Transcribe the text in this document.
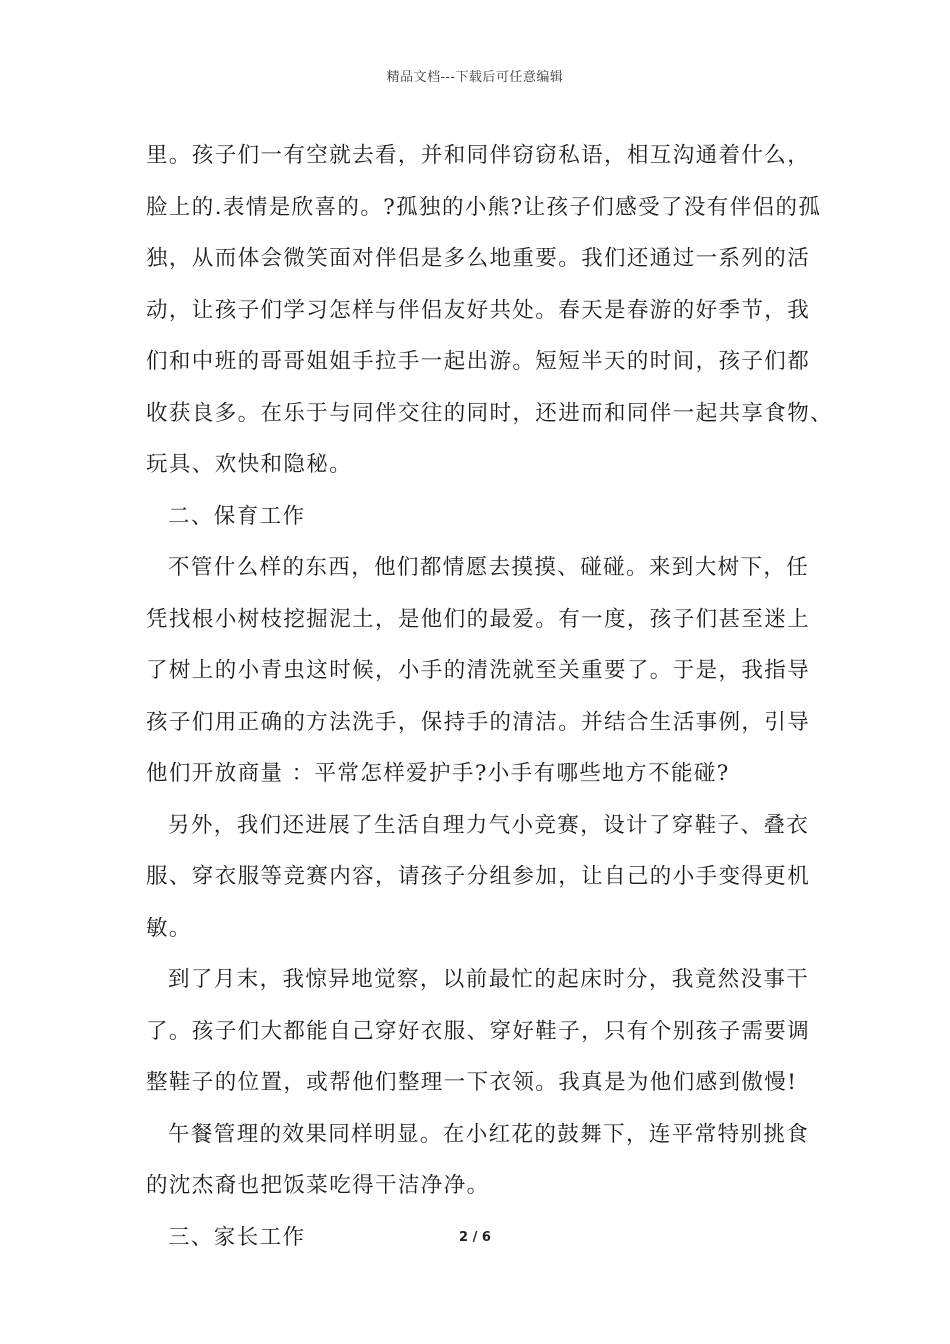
精品文档---下载后可任意编辑
里。孩子们一有空就去看，并和同伴窃窃私语，相互沟通着什么，
脸上的.表情是欣喜的。?孤独的小熊?让孩子们感受了没有伴侣的孤
独，从而体会微笑面对伴侣是多么地重要。我们还通过一系列的活
动，让孩子们学习怎样与伴侣友好共处。春天是春游的好季节，我
们和中班的哥哥姐姐手拉手一起出游。短短半天的时间，孩子们都
收获良多。在乐于与同伴交往的同时，还进而和同伴一起共享食物、
玩具、欢快和隐秘。
二、保育工作
不管什么样的东西，他们都情愿去摸摸、碰碰。来到大树下，任
凭找根小树枝挖掘泥土，是他们的最爱。有一度，孩子们甚至迷上
了树上的小青虫这时候，小手的清洗就至关重要了。于是，我指导
孩子们用正确的方法洗手，保持手的清洁。并结合生活事例，引导
他们开放商量 ：平常怎样爱护手?小手有哪些地方不能碰?
另外，我们还进展了生活自理力气小竞赛，设计了穿鞋子、叠衣
服、穿衣服等竞赛内容，请孩子分组参加，让自己的小手变得更机
敏。
到了月末，我惊异地觉察，以前最忙的起床时分，我竟然没事干
了。孩子们大都能自己穿好衣服、穿好鞋子，只有个别孩子需要调
整鞋子的位置，或帮他们整理一下衣领。我真是为他们感到傲慢!
午餐管理的效果同样明显。在小红花的鼓舞下，连平常特别挑食
的沈杰裔也把饭菜吃得干洁净净。
三、家长工作	2 / 6
